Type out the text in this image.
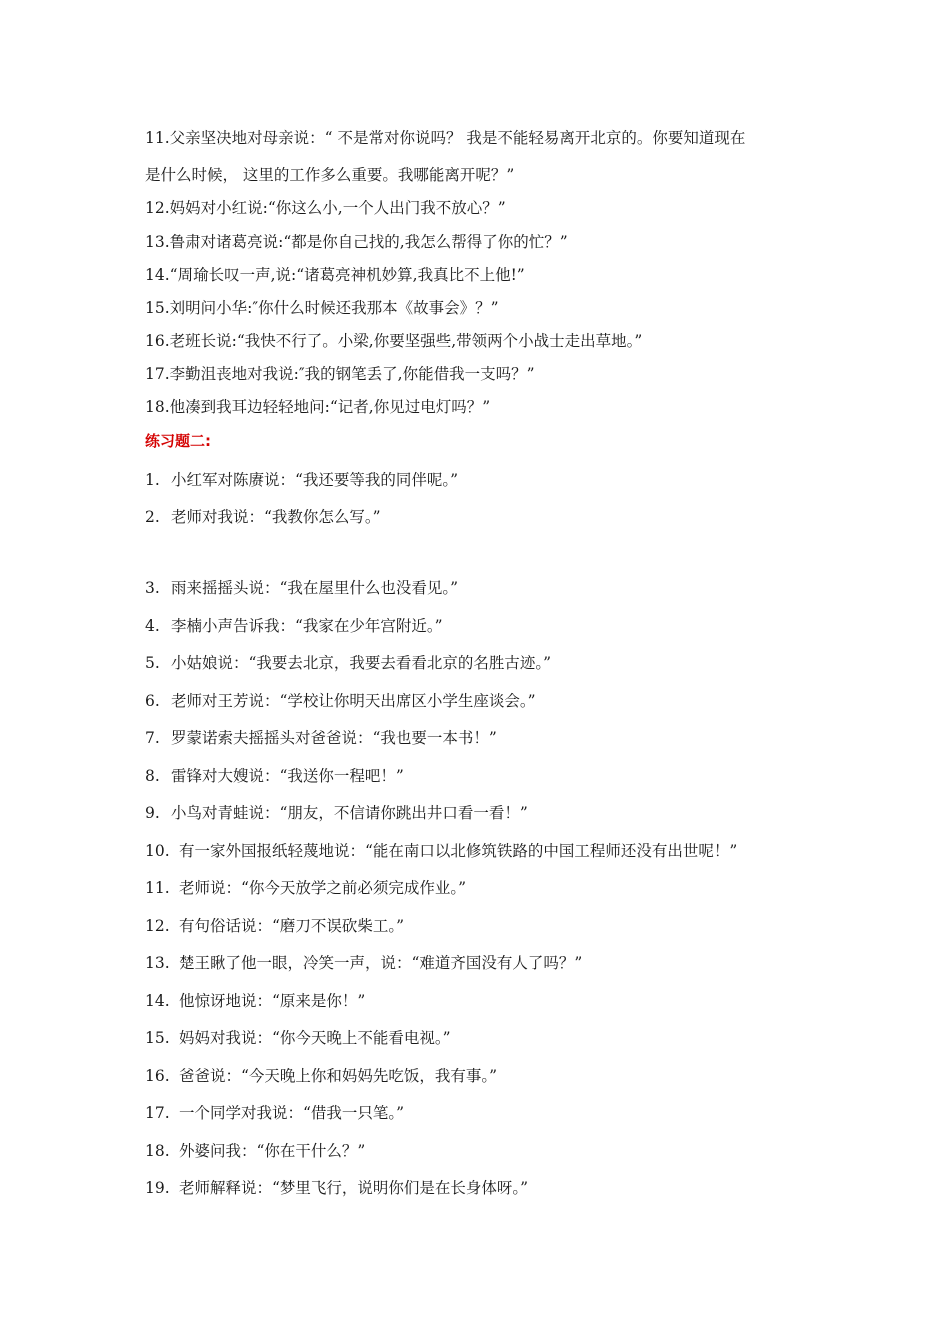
11.父亲坚决地对母亲说：“ 不是常对你说吗？ 我是不能轻易离开北京的。你要知道现在
是什么时候， 这里的工作多么重要。我哪能离开呢？”
12.妈妈对小红说:“你这么小,一个人出门我不放心？”
13.鲁肃对诸葛亮说:“都是你自己找的,我怎么帮得了你的忙？”
14.“周瑜长叹一声,说:“诸葛亮神机妙算,我真比不上他!”
15.刘明问小华:″你什么时候还我那本《故事会》？”
16.老班长说:“我快不行了。小梁,你要坚强些,带领两个小战士走出草地。”
17.李勤沮丧地对我说:″我的钢笔丢了,你能借我一支吗？”
18.他凑到我耳边轻轻地问:“记者,你见过电灯吗？”
练习题二:
1. 小红军对陈赓说：“我还要等我的同伴呢。”
2. 老师对我说：“我教你怎么写。”
3. 雨来摇摇头说：“我在屋里什么也没看见。”
4. 李楠小声告诉我：“我家在少年宫附近。”
5. 小姑娘说：“我要去北京，我要去看看北京的名胜古迹。”
6. 老师对王芳说：“学校让你明天出席区小学生座谈会。”
7. 罗蒙诺索夫摇摇头对爸爸说：“我也要一本书！”
8. 雷锋对大嫂说：“我送你一程吧！”
9. 小鸟对青蛙说：“朋友，不信请你跳出井口看一看！”
10. 有一家外国报纸轻蔑地说：“能在南口以北修筑铁路的中国工程师还没有出世呢！”
11. 老师说：“你今天放学之前必须完成作业。”
12. 有句俗话说：“磨刀不误砍柴工。”
13. 楚王瞅了他一眼，冷笑一声，说：“难道齐国没有人了吗？”
14. 他惊讶地说：“原来是你！”
15. 妈妈对我说：“你今天晚上不能看电视。”
16. 爸爸说：“今天晚上你和妈妈先吃饭，我有事。”
17. 一个同学对我说：“借我一只笔。”
18. 外婆问我：“你在干什么？”
19. 老师解释说：“梦里飞行，说明你们是在长身体呀。”
